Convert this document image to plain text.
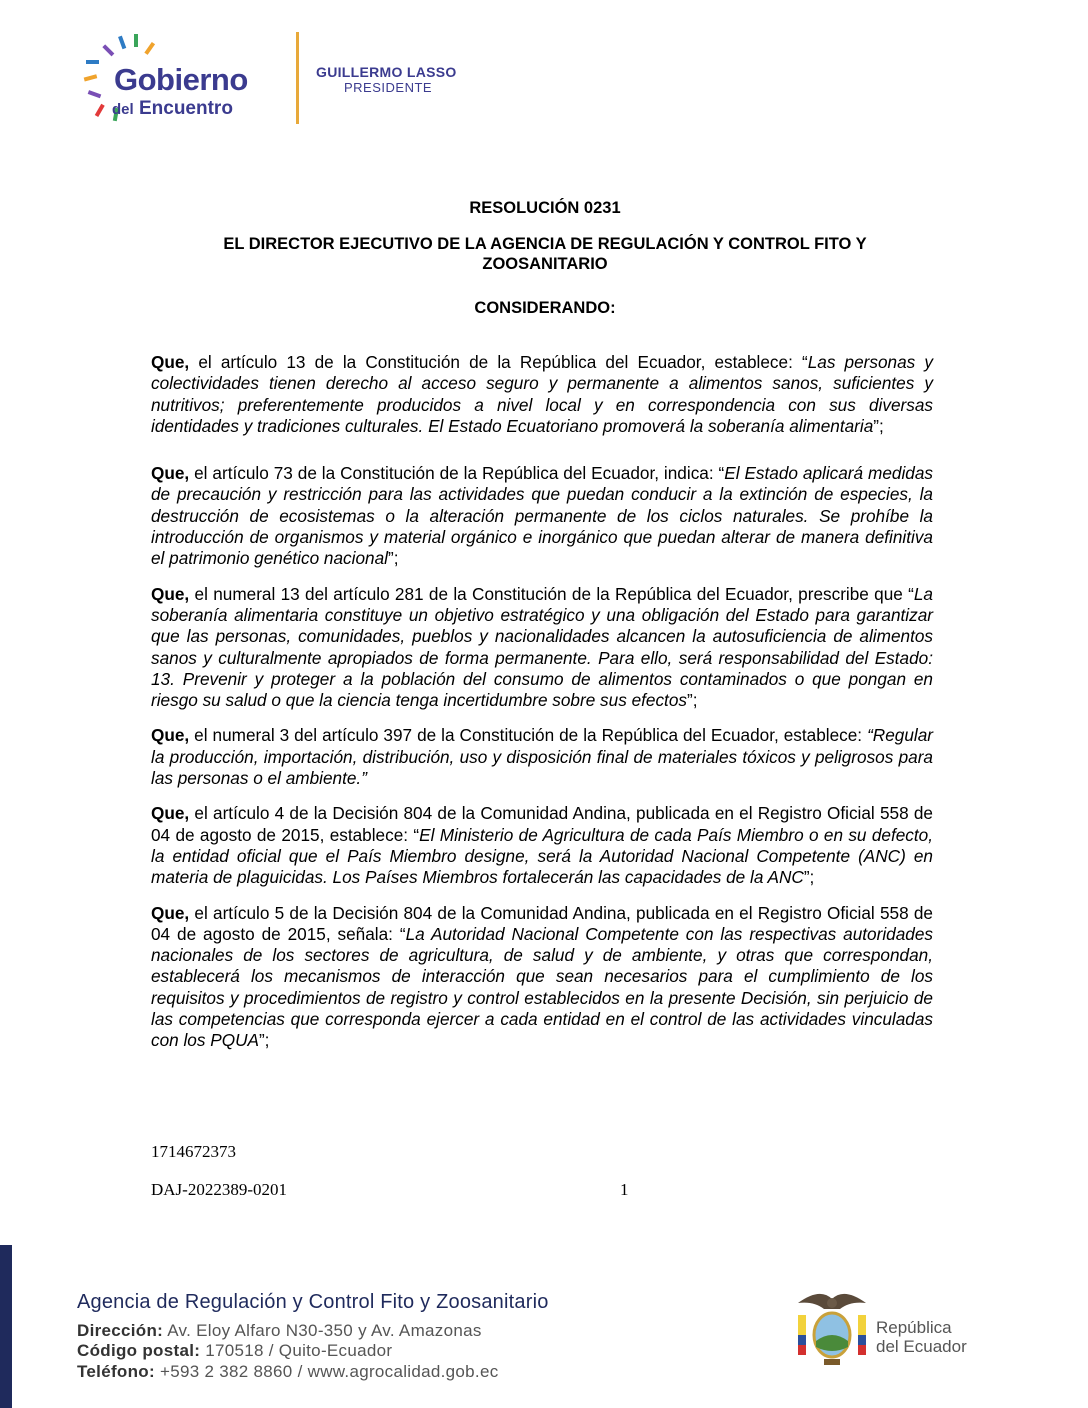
Gobierno
del Encuentro
GUILLERMO LASSO
PRESIDENTE
RESOLUCIÓN 0231
EL DIRECTOR EJECUTIVO DE LA AGENCIA DE REGULACIÓN Y CONTROL FITO Y
ZOOSANITARIO
CONSIDERANDO:

Que, el artículo 13 de la Constitución de la República del Ecuador, establece: “Las personas y colectividades tienen derecho al acceso seguro y permanente a alimentos sanos, suficientes y nutritivos; preferentemente producidos a nivel local y en correspondencia con sus diversas identidades y tradiciones culturales. El Estado Ecuatoriano promoverá la soberanía alimentaria”;

Que, el artículo 73 de la Constitución de la República del Ecuador, indica: “El Estado aplicará medidas de precaución y restricción para las actividades que puedan conducir a la extinción de especies, la destrucción de ecosistemas o la alteración permanente de los ciclos naturales. Se prohíbe la introducción de organismos y material orgánico e inorgánico que puedan alterar de manera definitiva el patrimonio genético nacional”;

Que, el numeral 13 del artículo 281 de la Constitución de la República del Ecuador, prescribe que “La soberanía alimentaria constituye un objetivo estratégico y una obligación del Estado para garantizar que las personas, comunidades, pueblos y nacionalidades alcancen la autosuficiencia de alimentos sanos y culturalmente apropiados de forma permanente. Para ello, será responsabilidad del Estado: 13. Prevenir y proteger a la población del consumo de alimentos contaminados o que pongan en riesgo su salud o que la ciencia tenga incertidumbre sobre sus efectos”;

Que, el numeral 3 del artículo 397 de la Constitución de la República del Ecuador, establece: “Regular la producción, importación, distribución, uso y disposición final de materiales tóxicos y peligrosos para las personas o el ambiente.”

Que, el artículo 4 de la Decisión 804 de la Comunidad Andina, publicada en el Registro Oficial 558 de 04 de agosto de 2015, establece: “El Ministerio de Agricultura de cada País Miembro o en su defecto, la entidad oficial que el País Miembro designe, será la Autoridad Nacional Competente (ANC) en materia de plaguicidas. Los Países Miembros fortalecerán las capacidades de la ANC”;

Que, el artículo 5 de la Decisión 804 de la Comunidad Andina, publicada en el Registro Oficial 558 de 04 de agosto de 2015, señala: “La Autoridad Nacional Competente con las respectivas autoridades nacionales de los sectores de agricultura, de salud y de ambiente, y otras que correspondan, establecerá los mecanismos de interacción que sean necesarios para el cumplimiento de los requisitos y procedimientos de registro y control establecidos en la presente Decisión, sin perjuicio de las competencias que corresponda ejercer a cada entidad en el control de las actividades vinculadas con los PQUA”;

1714672373
DAJ-2022389-0201	1
Agencia de Regulación y Control Fito y Zoosanitario
Dirección: Av. Eloy Alfaro N30-350 y Av. Amazonas
Código postal: 170518 / Quito-Ecuador
Teléfono: +593 2 382 8860 / www.agrocalidad.gob.ec
República
del Ecuador
